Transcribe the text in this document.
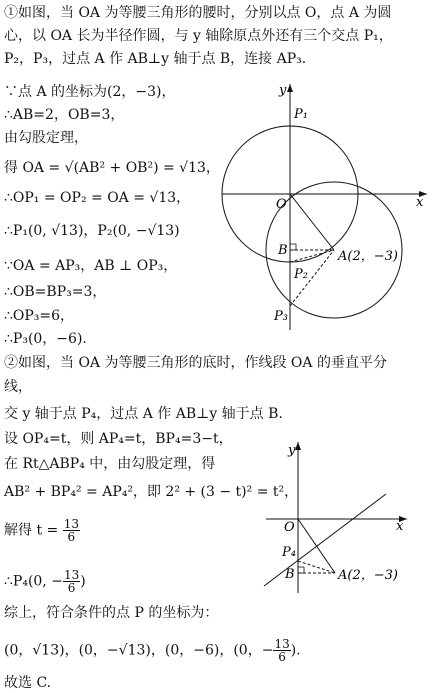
①如图，当 OA 为等腰三角形的腰时，分别以点 O，点 A 为圆
心，以 OA 长为半径作圆，与 y 轴除原点外还有三个交点 P₁，
P₂，P₃，过点 A 作 AB⊥y 轴于点 B，连接 AP₃.
∵点 A 的坐标为(2，−3)，
∴AB=2，OB=3，
由勾股定理，
得 OA = √(AB² + OB²) = √13，
∴OP₁ = OP₂ = OA = √13，
∴P₁(0, √13)，P₂(0, −√13)
∵OA = AP₃，AB ⊥ OP₃，
∴OB=BP₃=3，
∴OP₃=6，
∴P₃(0，−6).
y
x
O
P₁
B	A(2，−3)
P₂
P₃
②如图，当 OA 为等腰三角形的底时，作线段 OA 的垂直平分
线，
交 y 轴于点 P₄，过点 A 作 AB⊥y 轴于点 B.
设 OP₄=t，则 AP₄=t，BP₄=3−t，
在 Rt△ABP₄ 中，由勾股定理，得
AB² + BP₄² = AP₄²，即 2² + (3 − t)² = t²，
解得 $t = \frac{13}{6}$
∴P₄(0, − $\frac{13}{6}$ )
y
x
O
P₄
B	A(2，−3)
综上，符合条件的点 P 的坐标为：
(0，√13)，(0，−√13)，(0，−6)，(0，− $\frac{13}{6}$ ).
故选 C.
